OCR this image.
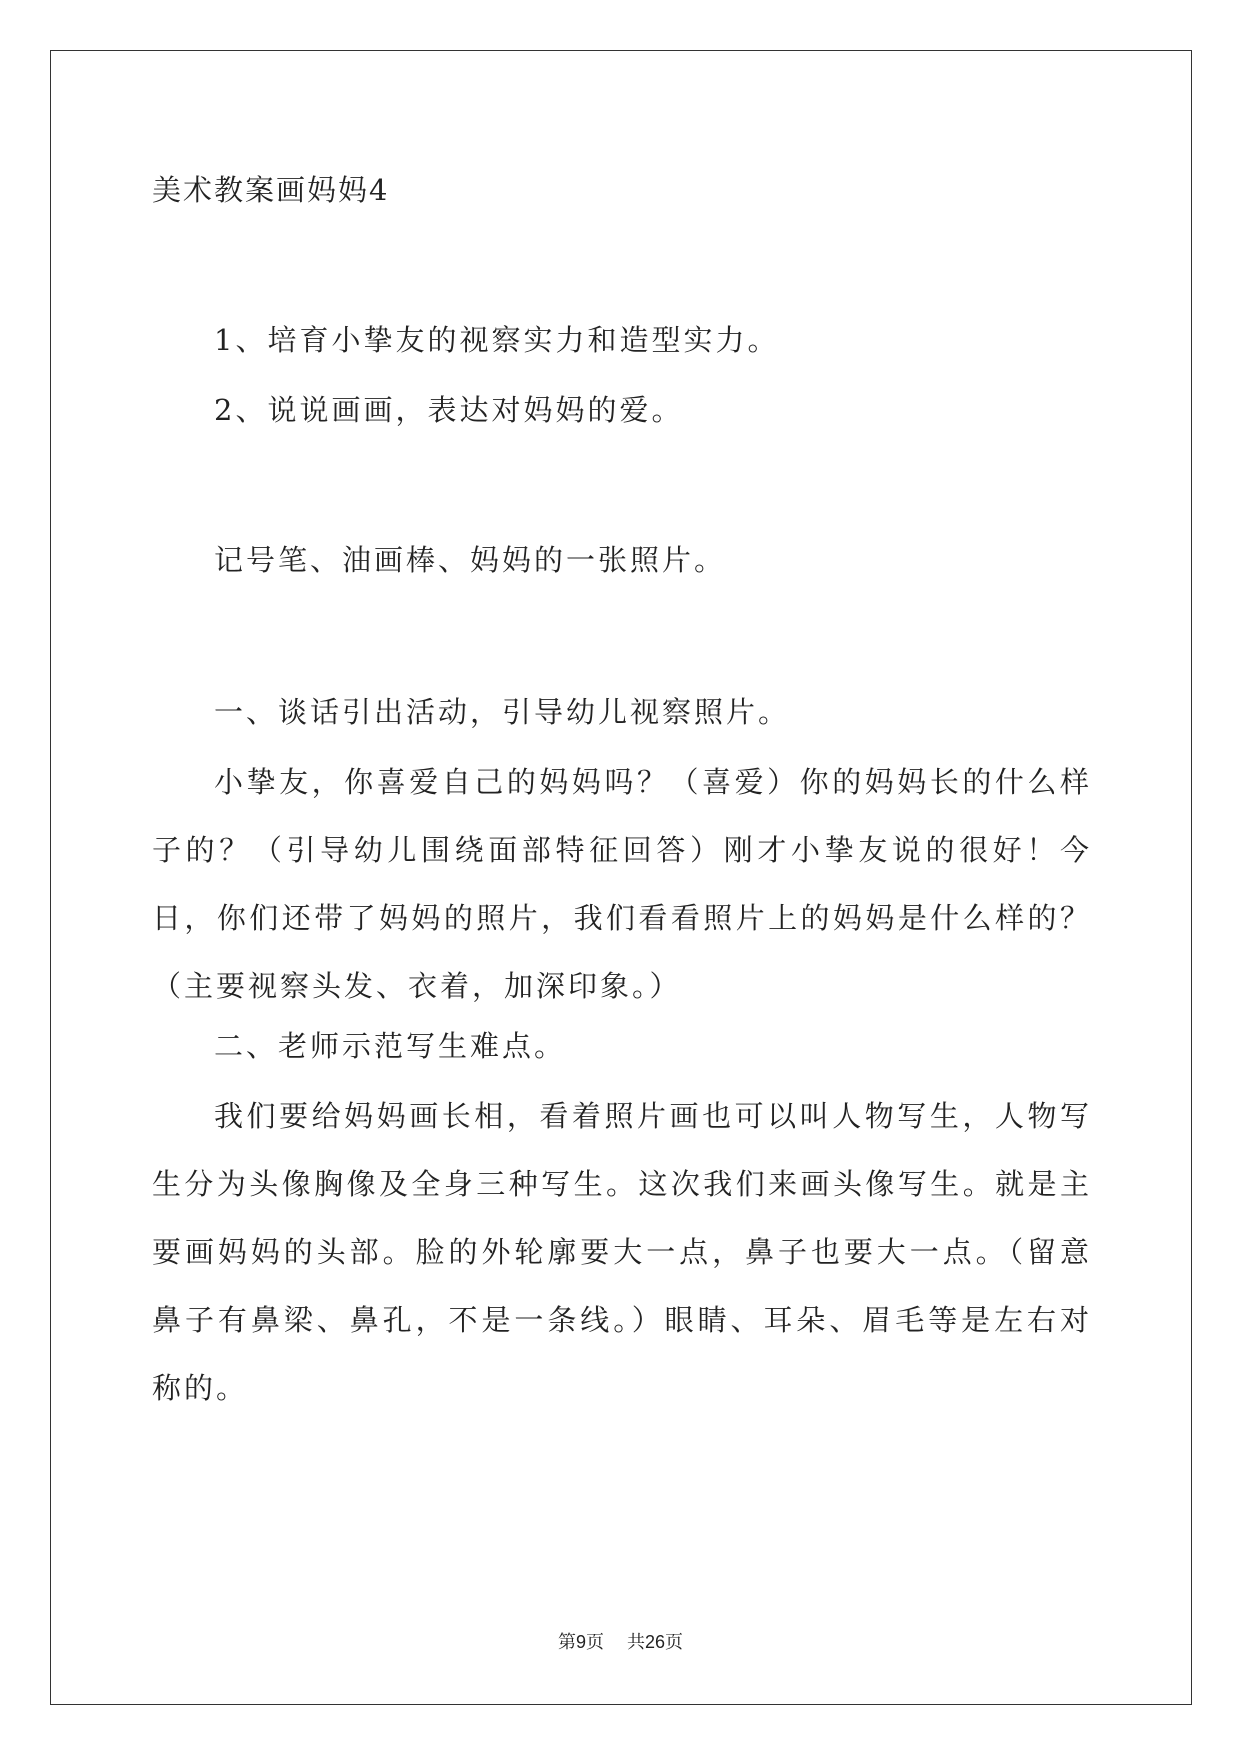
美术教案画妈妈4

1、培育小挚友的视察实力和造型实力。

2、说说画画，表达对妈妈的爱。

记号笔、油画棒、妈妈的一张照片。

一、谈话引出活动，引导幼儿视察照片。

小挚友，你喜爱自己的妈妈吗？（喜爱）你的妈妈长的什么样子的？（引导幼儿围绕面部特征回答）刚才小挚友说的很好！今日，你们还带了妈妈的照片，我们看看照片上的妈妈是什么样的？（主要视察头发、衣着，加深印象。）

二、老师示范写生难点。

我们要给妈妈画长相，看着照片画也可以叫人物写生，人物写生分为头像胸像及全身三种写生。这次我们来画头像写生。就是主要画妈妈的头部。脸的外轮廓要大一点，鼻子也要大一点。（留意鼻子有鼻梁、鼻孔，不是一条线。）眼睛、耳朵、眉毛等是左右对称的。

第9页 共26页
